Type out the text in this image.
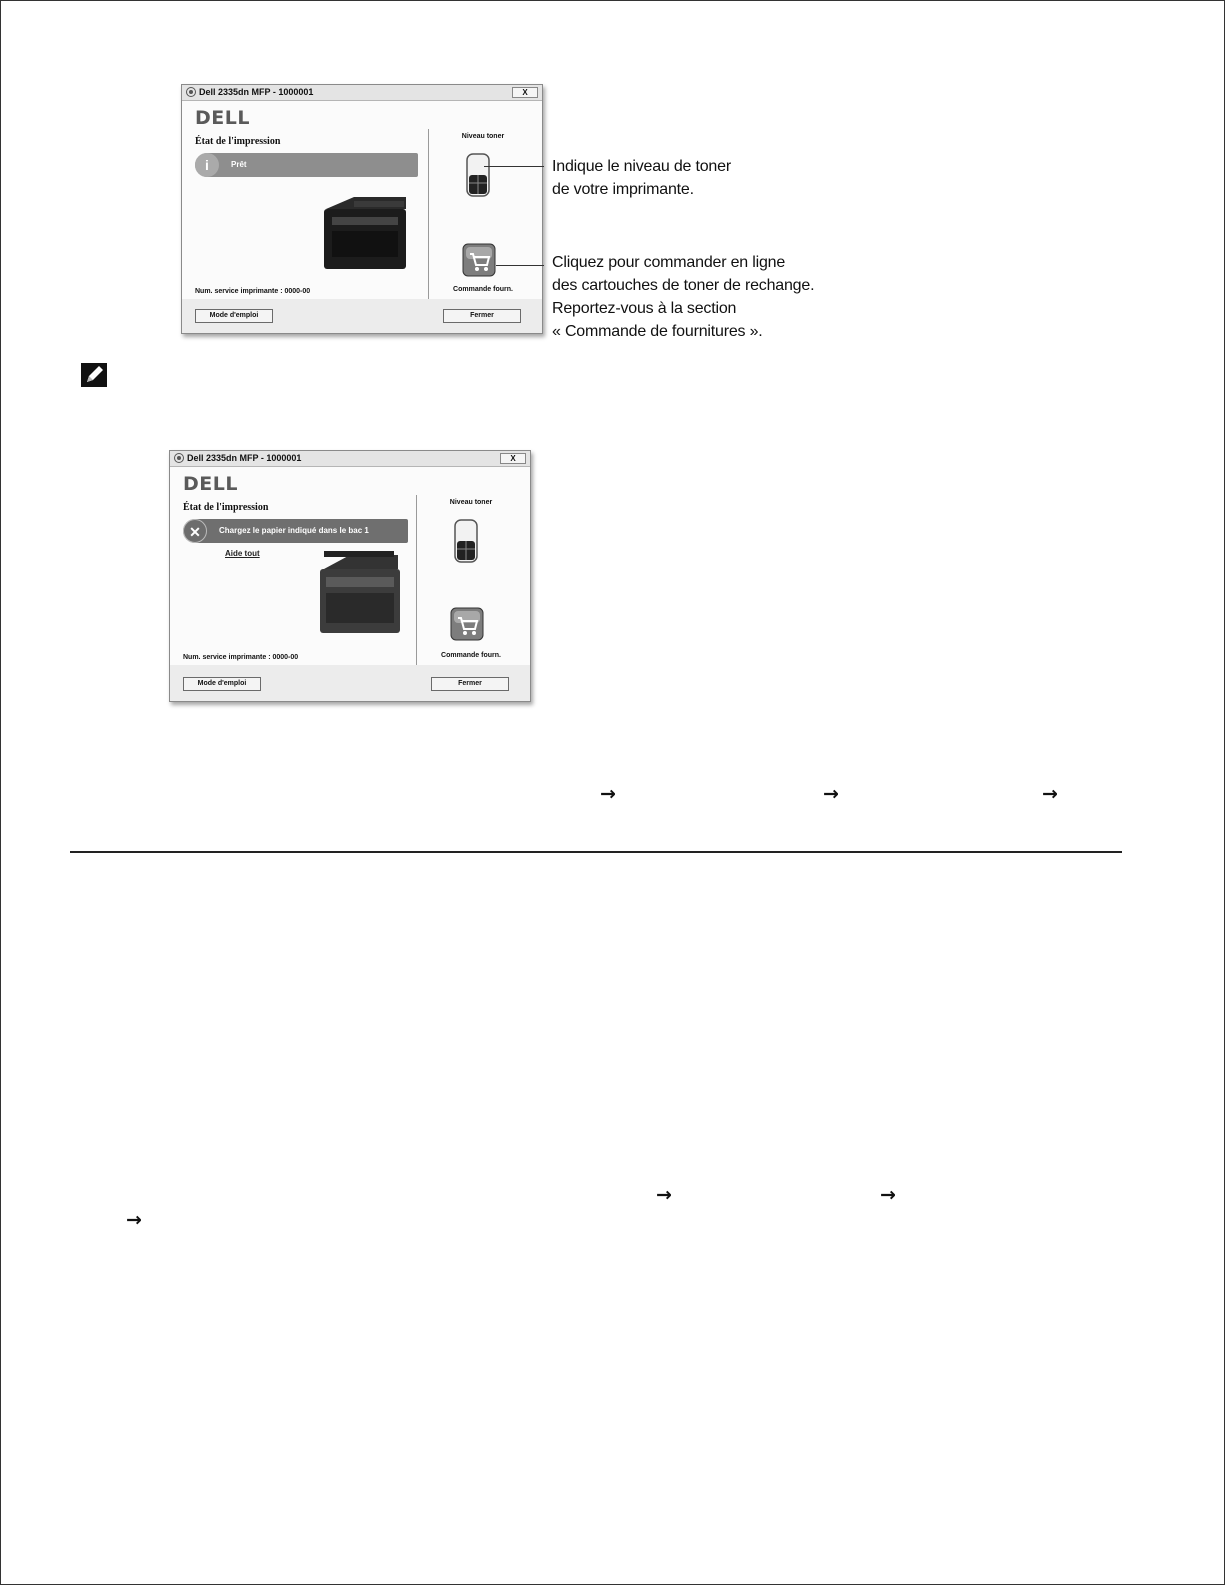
Dell 2335dn MFP - 1000001	X
DELL
État de l'impression
i	Prêt
Num. service imprimante : 0000-00
Niveau toner
Commande fourn.
Mode d'emploi	Fermer
Indique le niveau de toner
de votre imprimante.
Cliquez pour commander en ligne
des cartouches de toner de rechange.
Reportez-vous à la section
« Commande de fournitures ».
Dell 2335dn MFP - 1000001	X
DELL
État de l'impression
✕	Chargez le papier indiqué dans le bac 1
Aide tout
Num. service imprimante : 0000-00
Niveau toner
Commande fourn.
Mode d'emploi	Fermer
→	→	→
→	→
→
